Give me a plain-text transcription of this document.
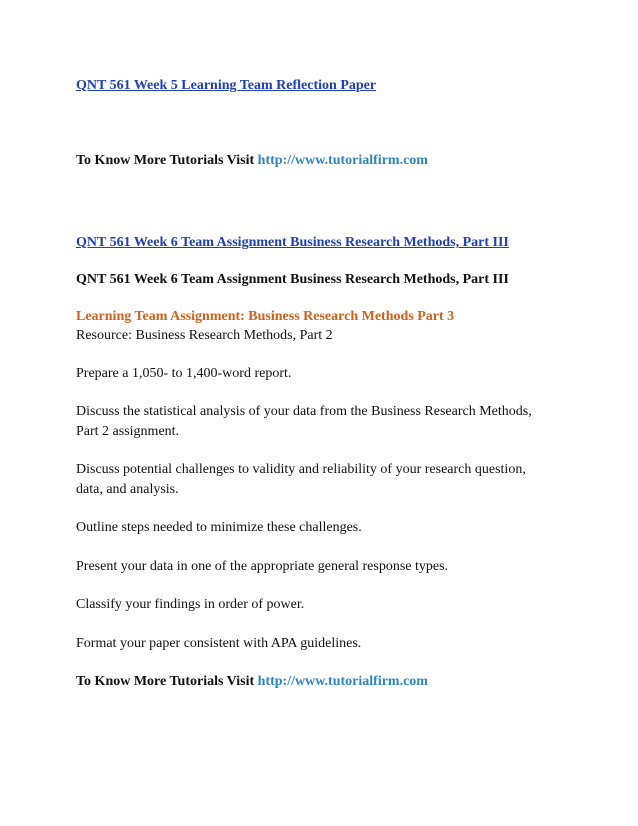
QNT 561 Week 5 Learning Team Reflection Paper
To Know More Tutorials Visit http://www.tutorialfirm.com
QNT 561 Week 6 Team Assignment Business Research Methods, Part III
QNT 561 Week 6 Team Assignment Business Research Methods, Part III
Learning Team Assignment: Business Research Methods Part 3
Resource: Business Research Methods, Part 2
Prepare a 1,050- to 1,400-word report.
Discuss the statistical analysis of your data from the Business Research Methods,
Part 2 assignment.
Discuss potential challenges to validity and reliability of your research question,
data, and analysis.
Outline steps needed to minimize these challenges.
Present your data in one of the appropriate general response types.
Classify your findings in order of power.
Format your paper consistent with APA guidelines.
To Know More Tutorials Visit http://www.tutorialfirm.com
